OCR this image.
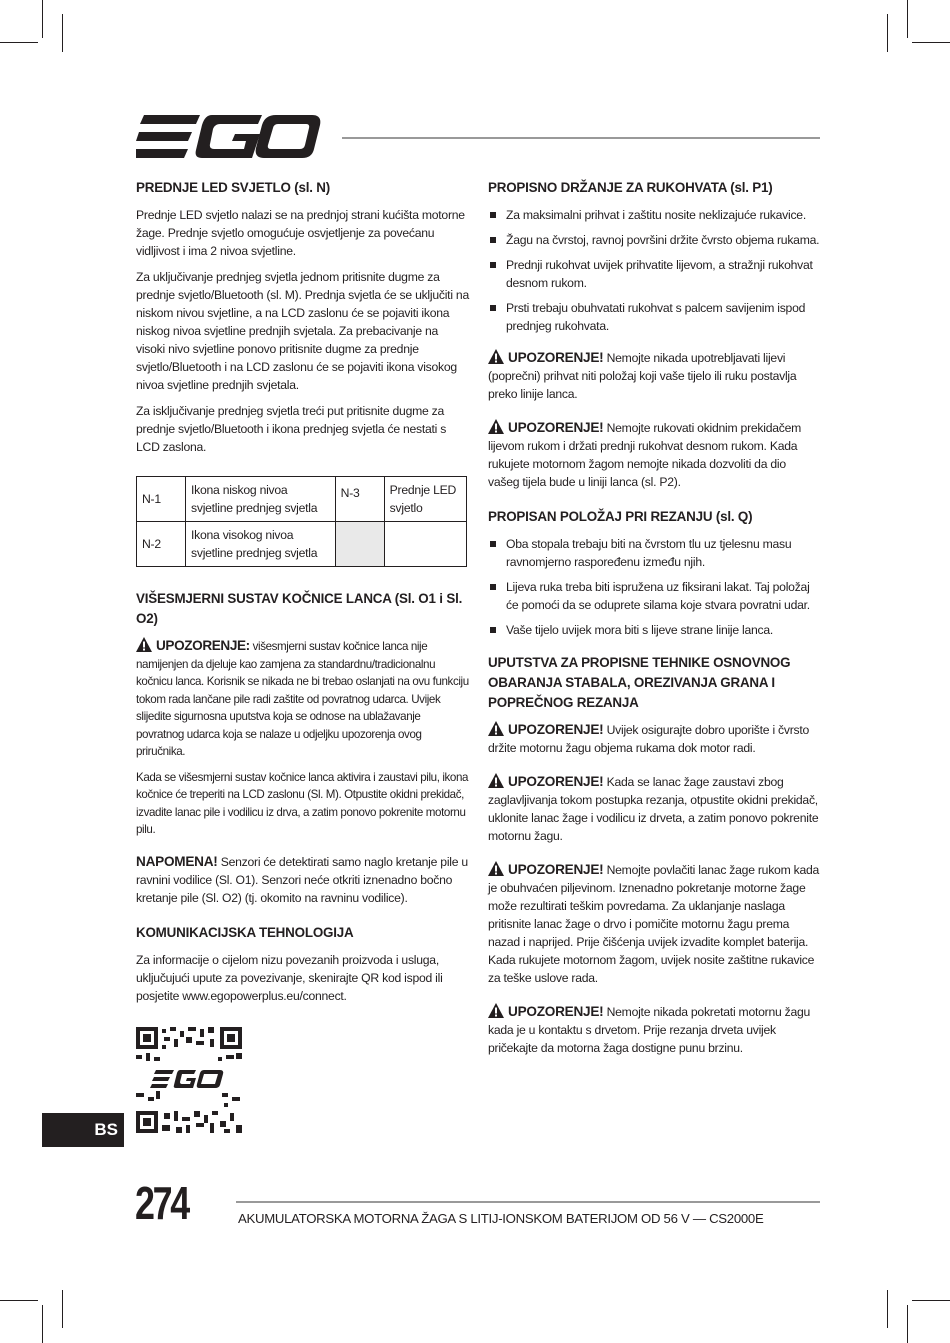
PREDNJE LED SVJETLO (sl. N)

Prednje LED svjetlo nalazi se na prednjoj strani kućišta motorne žage. Prednje svjetlo omogućuje osvjetljenje za povećanu vidljivost i ima 2 nivoa svjetline.

Za uključivanje prednjeg svjetla jednom pritisnite dugme za prednje svjetlo/Bluetooth (sl. M). Prednja svjetla će se uključiti na niskom nivou svjetline, a na LCD zaslonu će se pojaviti ikona niskog nivoa svjetline prednjih svjetala. Za prebacivanje na visoki nivo svjetline ponovo pritisnite dugme za prednje svjetlo/Bluetooth i na LCD zaslonu će se pojaviti ikona visokog nivoa svjetline prednjih svjetala.

Za isključivanje prednjeg svjetla treći put pritisnite dugme za prednje svjetlo/Bluetooth i ikona prednjeg svjetla će nestati s LCD zaslona.

N-1	Ikona niskog nivoa svjetline prednjeg svjetla	N-3	Prednje LED svjetlo
N-2	Ikona visokog nivoa svjetline prednjeg svjetla		
VIŠESMJERNI SUSTAV KOČNICE LANCA (Sl. O1 i Sl. O2)

UPOZORENJE: višesmjerni sustav kočnice lanca nije namijenjen da djeluje kao zamjena za standardnu/tradicionalnu kočnicu lanca. Korisnik se nikada ne bi trebao oslanjati na ovu funkciju tokom rada lančane pile radi zaštite od povratnog udarca. Uvijek slijedite sigurnosna uputstva koja se odnose na ublažavanje povratnog udarca koja se nalaze u odjeljku upozorenja ovog priručnika.

Kada se višesmjerni sustav kočnice lanca aktivira i zaustavi pilu, ikona kočnice će treperiti na LCD zaslonu (Sl. M). Otpustite okidni prekidač, izvadite lanac pile i vodilicu iz drva, a zatim ponovo pokrenite motornu pilu.

NAPOMENA! Senzori će detektirati samo naglo kretanje pile u ravnini vodilice (Sl. O1). Senzori neće otkriti iznenadno bočno kretanje pile (Sl. O2) (tj. okomito na ravninu vodilice).

KOMUNIKACIJSKA TEHNOLOGIJA

Za informacije o cijelom nizu povezanih proizvoda i usluga, uključujući upute za povezivanje, skenirajte QR kod ispod ili posjetite www.egopowerplus.eu/connect.

PROPISNO DRŽANJE ZA RUKOHVATA (sl. P1)
Za maksimalni prihvat i zaštitu nosite neklizajuće rukavice.
Žagu na čvrstoj, ravnoj površini držite čvrsto objema rukama.
Prednji rukohvat uvijek prihvatite lijevom, a stražnji rukohvat desnom rukom.
Prsti trebaju obuhvatati rukohvat s palcem savijenim ispod prednjeg rukohvata.

UPOZORENJE! Nemojte nikada upotrebljavati lijevi (poprečni) prihvat niti položaj koji vaše tijelo ili ruku postavlja preko linije lanca.

UPOZORENJE! Nemojte rukovati okidnim prekidačem lijevom rukom i držati prednji rukohvat desnom rukom. Kada rukujete motornom žagom nemojte nikada dozvoliti da dio vašeg tijela bude u liniji lanca (sl. P2).

PROPISAN POLOŽAJ PRI REZANJU (sl. Q)
Oba stopala trebaju biti na čvrstom tlu uz tjelesnu masu ravnomjerno raspoređenu između njih.
Lijeva ruka treba biti ispružena uz fiksirani lakat. Taj položaj će pomoći da se oduprete silama koje stvara povratni udar.
Vaše tijelo uvijek mora biti s lijeve strane linije lanca.
UPUTSTVA ZA PROPISNE TEHNIKE OSNOVNOG OBARANJA STABALA, OREZIVANJA GRANA I POPREČNOG REZANJA

UPOZORENJE! Uvijek osigurajte dobro uporište i čvrsto držite motornu žagu objema rukama dok motor radi.

UPOZORENJE! Kada se lanac žage zaustavi zbog zaglavljivanja tokom postupka rezanja, otpustite okidni prekidač, uklonite lanac žage i vodilicu iz drveta, a zatim ponovo pokrenite motornu žagu.

UPOZORENJE! Nemojte povlačiti lanac žage rukom kada je obuhvaćen piljevinom. Iznenadno pokretanje motorne žage može rezultirati teškim povredama. Za uklanjanje naslaga pritisnite lanac žage o drvo i pomičite motornu žagu prema nazad i naprijed. Prije čišćenja uvijek izvadite komplet baterija. Kada rukujete motornom žagom, uvijek nosite zaštitne rukavice za teške uslove rada.

UPOZORENJE! Nemojte nikada pokretati motornu žagu kada je u kontaktu s drvetom. Prije rezanja drveta uvijek pričekajte da motorna žaga dostigne punu brzinu.

BS
274	AKUMULATORSKA MOTORNA ŽAGA S LITIJ-IONSKOM BATERIJOM OD 56 V — CS2000E
